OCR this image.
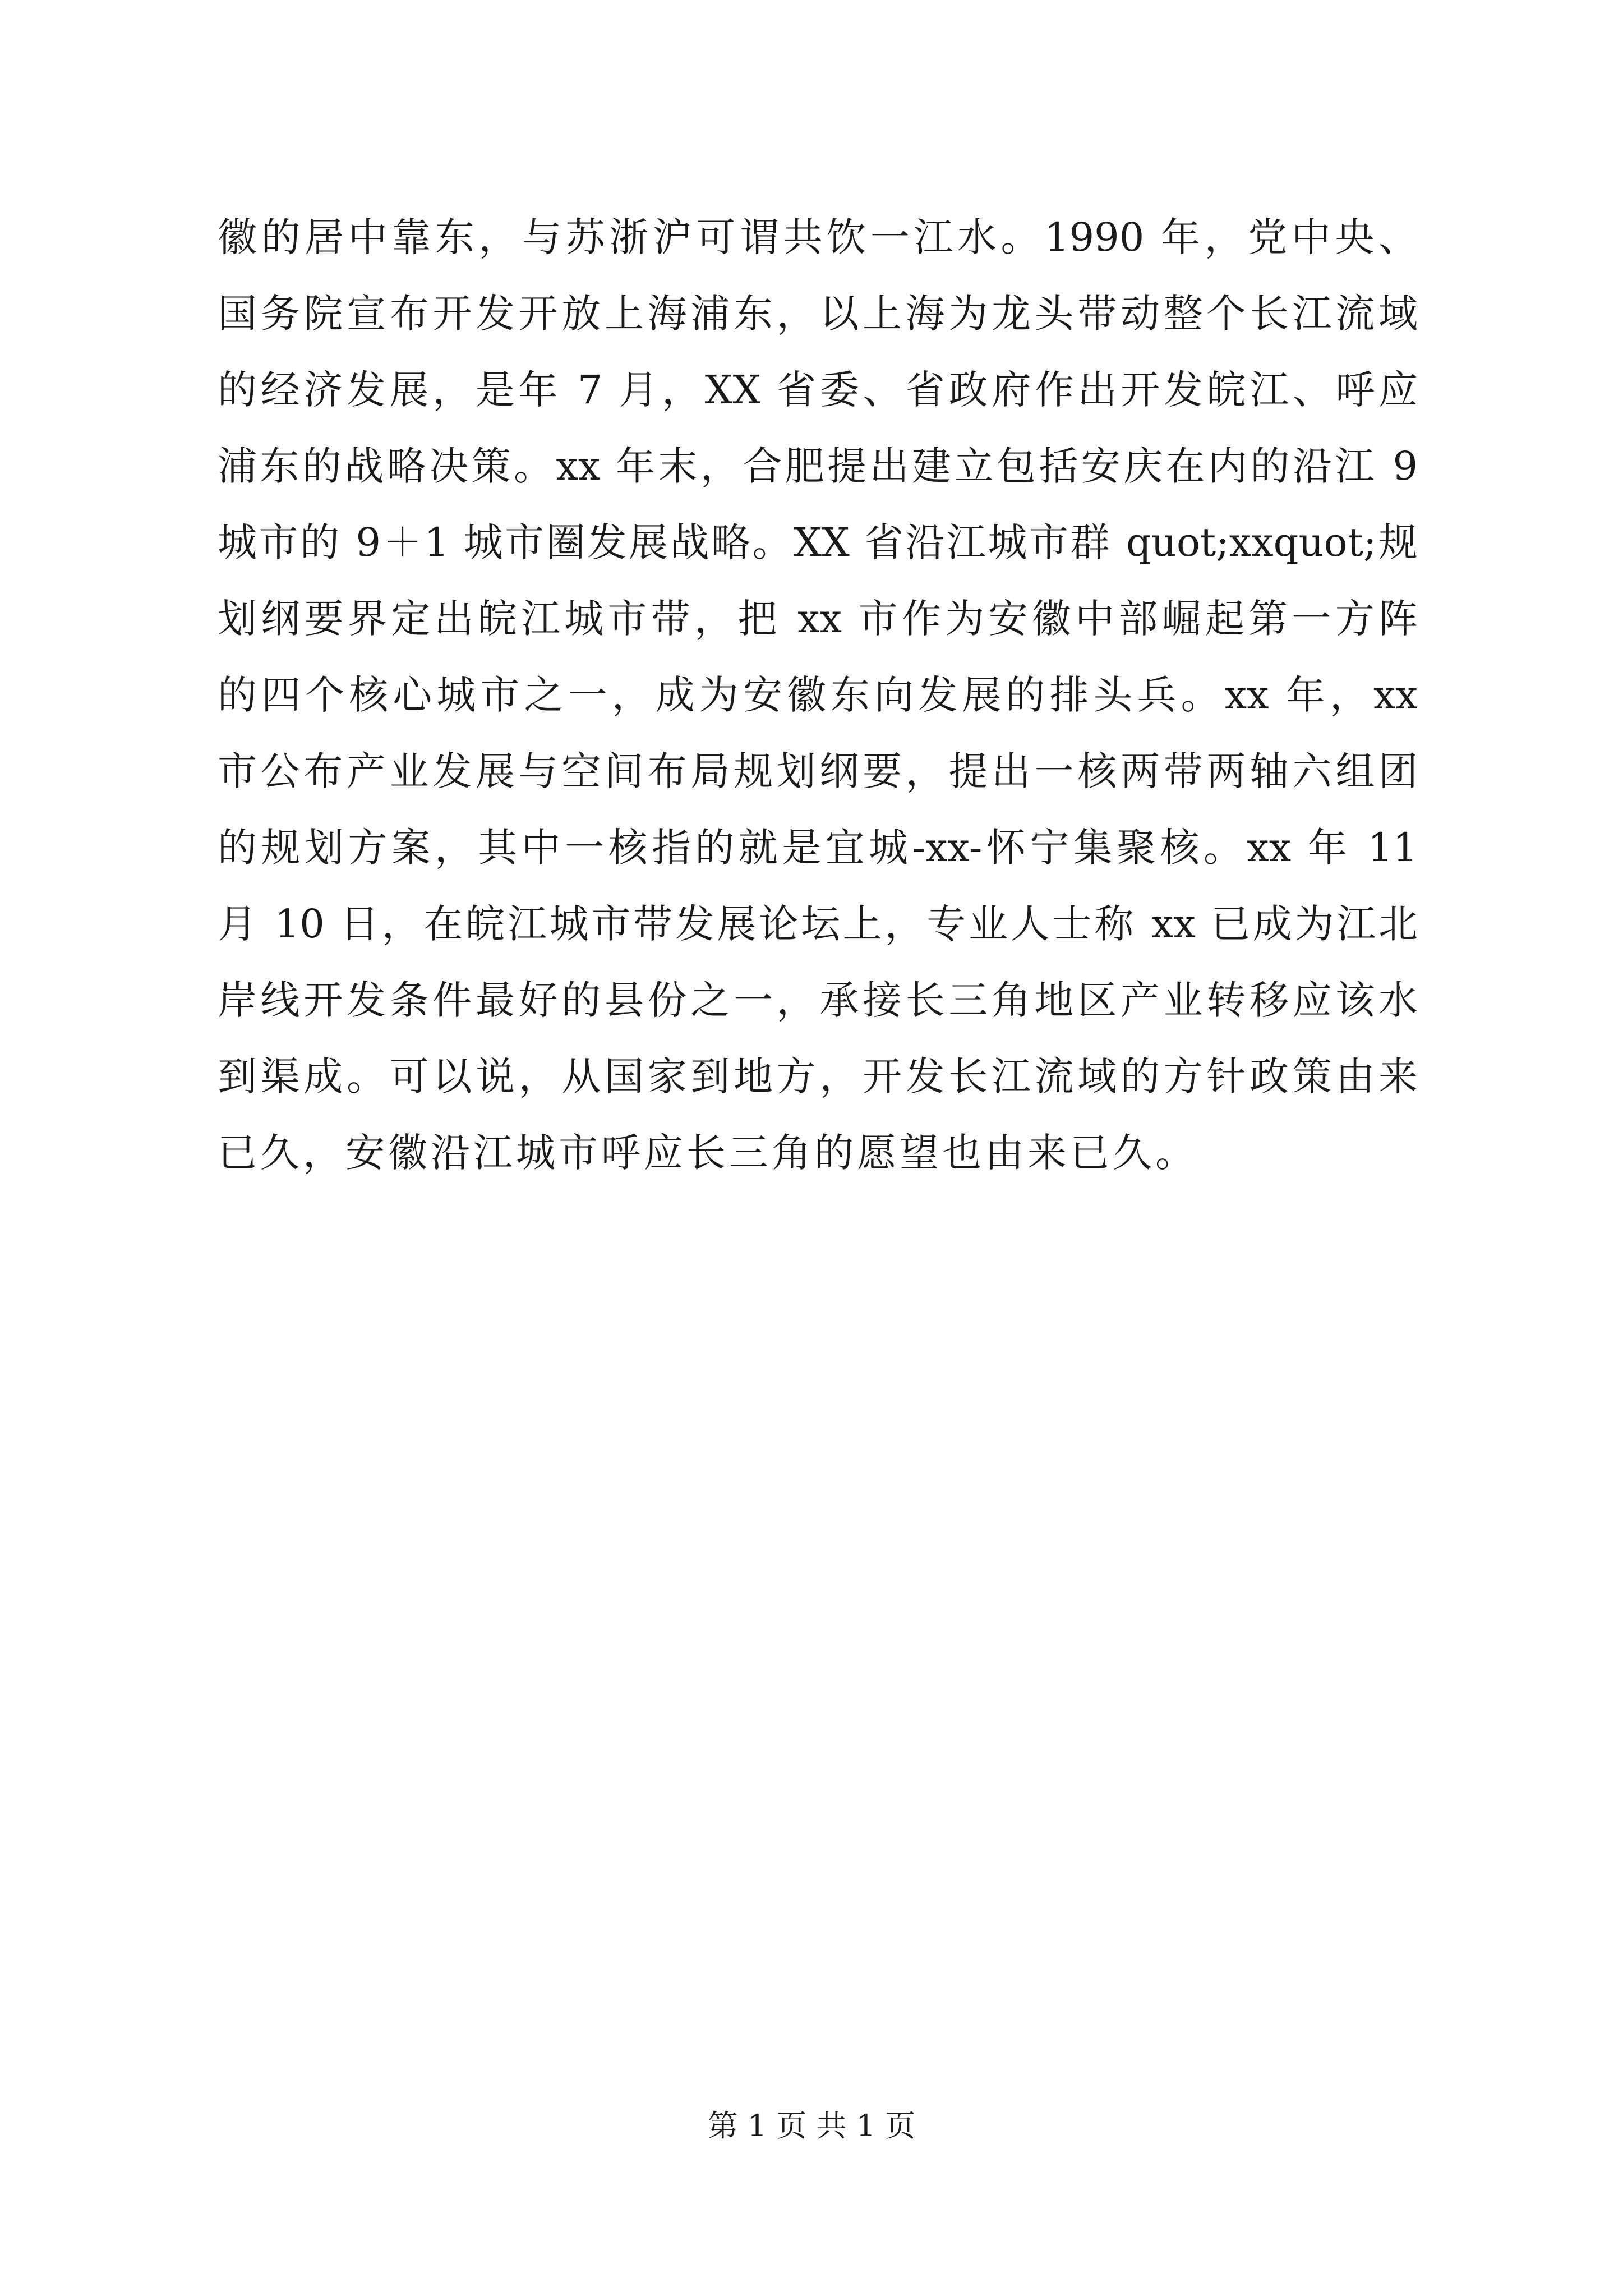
徽的居中靠东，与苏浙沪可谓共饮一江水。1990 年，党中央、
国务院宣布开发开放上海浦东，以上海为龙头带动整个长江流域
的经济发展，是年 7 月，XX 省委、省政府作出开发皖江、呼应
浦东的战略决策。xx 年末，合肥提出建立包括安庆在内的沿江 9
城市的 9＋1 城市圈发展战略。XX 省沿江城市群 quot;xxquot;规
划纲要界定出皖江城市带，把 xx 市作为安徽中部崛起第一方阵
的四个核心城市之一，成为安徽东向发展的排头兵。xx 年，xx
市公布产业发展与空间布局规划纲要，提出一核两带两轴六组团
的规划方案，其中一核指的就是宜城-xx-怀宁集聚核。xx 年 11
月 10 日，在皖江城市带发展论坛上，专业人士称 xx 已成为江北
岸线开发条件最好的县份之一，承接长三角地区产业转移应该水
到渠成。可以说，从国家到地方，开发长江流域的方针政策由来
已久，安徽沿江城市呼应长三角的愿望也由来已久。
第 1 页 共 1 页
